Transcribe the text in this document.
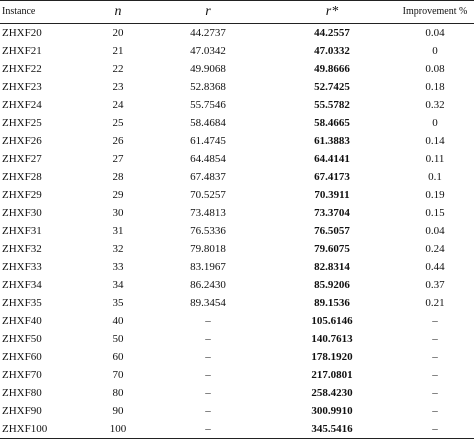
Instance	n	r	r*	Improvement %
ZHXF20	20	44.2737	44.2557	0.04
ZHXF21	21	47.0342	47.0332	0
ZHXF22	22	49.9068	49.8666	0.08
ZHXF23	23	52.8368	52.7425	0.18
ZHXF24	24	55.7546	55.5782	0.32
ZHXF25	25	58.4684	58.4665	0
ZHXF26	26	61.4745	61.3883	0.14
ZHXF27	27	64.4854	64.4141	0.11
ZHXF28	28	67.4837	67.4173	0.1
ZHXF29	29	70.5257	70.3911	0.19
ZHXF30	30	73.4813	73.3704	0.15
ZHXF31	31	76.5336	76.5057	0.04
ZHXF32	32	79.8018	79.6075	0.24
ZHXF33	33	83.1967	82.8314	0.44
ZHXF34	34	86.2430	85.9206	0.37
ZHXF35	35	89.3454	89.1536	0.21
ZHXF40	40	–	105.6146	–
ZHXF50	50	–	140.7613	–
ZHXF60	60	–	178.1920	–
ZHXF70	70	–	217.0801	–
ZHXF80	80	–	258.4230	–
ZHXF90	90	–	300.9910	–
ZHXF100	100	–	345.5416	–
